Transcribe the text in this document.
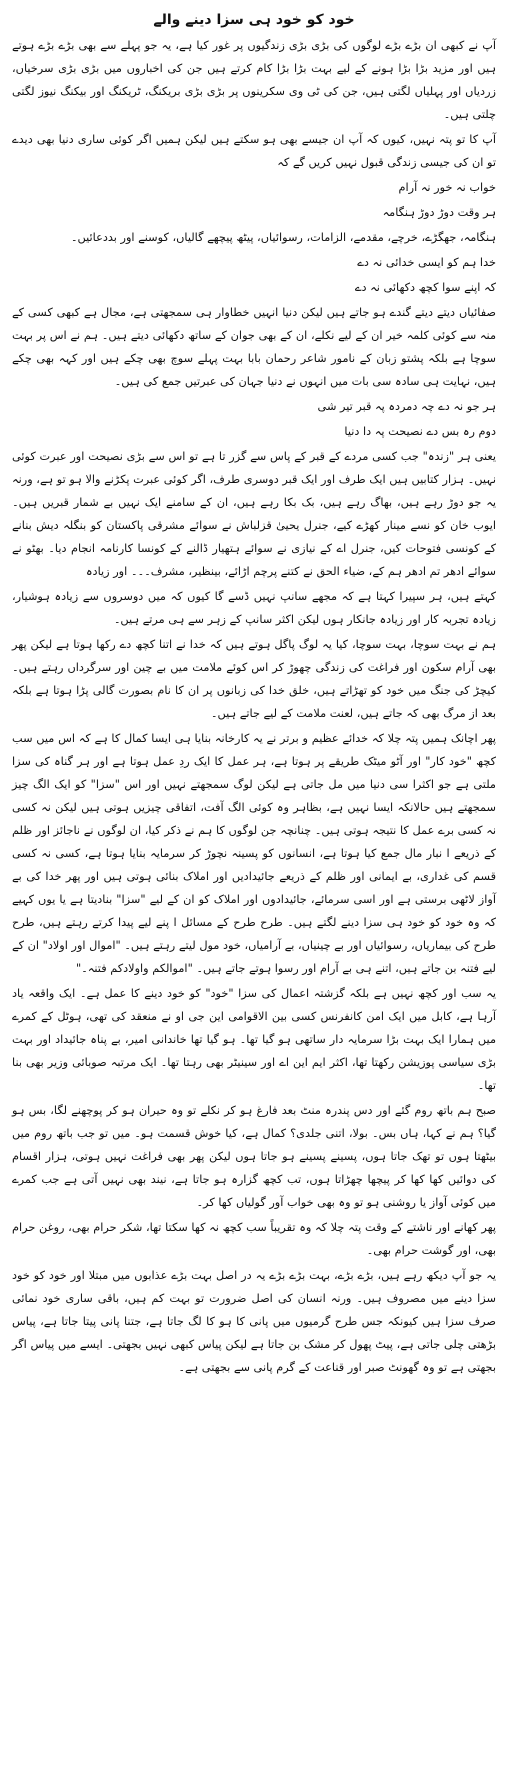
خود کو خود ہی سزا دینے والے

آپ نے کبھی ان بڑے بڑے لوگوں کی بڑی بڑی زندگیوں پر غور کیا ہے، یہ جو پہلے سے بھی بڑے بڑے ہوتے ہیں اور مزید بڑا بڑا ہونے کے لیے بہت بڑا بڑا کام کرتے ہیں جن کی اخباروں میں بڑی بڑی سرخیاں، زردیاں اور پہلیاں لگتی ہیں، جن کی ٹی وی سکرینوں پر بڑی بڑی بریکنگ، ٹریکنگ اور بیکنگ نیوز لگتی چلتی ہیں۔

آپ کا تو پتہ نہیں، کیوں کہ آپ ان جیسے بھی ہو سکتے ہیں لیکن ہمیں اگر کوئی ساری دنیا بھی دیدے تو ان کی جیسی زندگی قبول نہیں کریں گے کہ

خواب نہ خور نہ آرام
ہر وقت دوڑ دوڑ ہنگامہ

ہنگامہ، جھگڑے، خرچے، مقدمے، الزامات، رسوائیاں، پیٹھ پیچھے گالیاں، کوسنے اور بددعائیں۔

خدا ہم کو ایسی خدائی نہ دے
کہ اپنے سوا کچھ دکھائی نہ دے

صفائیاں دیتے دیتے گندے ہو جاتے ہیں لیکن دنیا انہیں خطاوار ہی سمجھتی ہے، مجال ہے کبھی کسی کے منہ سے کوئی کلمہ خیر ان کے لیے نکلے، ان کے بھی جوان کے ساتھ دکھائی دیتے ہیں۔ ہم نے اس پر بہت سوچا ہے بلکہ پشتو زبان کے نامور شاعر رحمان بابا بہت پہلے سوچ بھی چکے ہیں اور کہہ بھی چکے ہیں، نہایت ہی سادہ سی بات میں انہوں نے دنیا جہان کی عبرتیں جمع کی ہیں۔

ہر جو نہ دے چہ دمردہ پہ قبر تیر شی
دوم رہ بس دے نصیحت پہ دا دنیا

یعنی ہر "زندہ" جب کسی مردے کے قبر کے پاس سے گزر تا ہے تو اس سے بڑی نصیحت اور عبرت کوئی نہیں۔ ہزار کتابیں ہیں ایک طرف اور ایک قبر دوسری طرف، اگر کوئی عبرت پکڑنے والا ہو تو ہے، ورنہ یہ جو دوڑ رہے ہیں، بھاگ رہے ہیں، بک بکا رہے ہیں، ان کے سامنے ایک نہیں بے شمار قبریں ہیں۔ ایوب خان کو نسے مینار کھڑے کیے، جنرل یحییٰ قزلباش نے سوائے مشرقی پاکستان کو بنگلہ دیش بنانے کے کونسی فتوحات کیں، جنرل اے کے نیازی نے سوائے ہتھیار ڈالنے کے کونسا کارنامہ انجام دیا۔ بھٹو نے سوائے ادھر تم ادھر ہم کے، ضیاء الحق نے کتنے پرچم اڑائے، بینظیر، مشرف۔۔۔ اور زیادہ

کہتے ہیں، ہر سپیرا کہتا ہے کہ مجھے سانپ نہیں ڈسے گا کیوں کہ میں دوسروں سے زیادہ ہوشیار، زیادہ تجربہ کار اور زیادہ جانکار ہوں لیکن اکثر سانپ کے زہر سے ہی مرتے ہیں۔

ہم نے بہت سوچا، بہت سوچا، کیا یہ لوگ پاگل ہوتے ہیں کہ خدا نے اتنا کچھ دے رکھا ہوتا ہے لیکن پھر بھی آرام سکون اور فراغت کی زندگی چھوڑ کر اس کوئے ملامت میں بے چین اور سرگرداں رہتے ہیں۔ کیچڑ کی جنگ میں خود کو تھڑاتے ہیں، خلق خدا کی زبانوں پر ان کا نام بصورت گالی پڑا ہوتا ہے بلکہ بعد از مرگ بھی کہ جاتے ہیں، لعنت ملامت کے لیے جاتے ہیں۔

پھر اچانک ہمیں پتہ چلا کہ خدائے عظیم و برتر نے یہ کارخانہ بنایا ہی ایسا کمال کا ہے کہ اس میں سب کچھ "خود کار" اور آٹو میٹک طریقے پر ہوتا ہے، ہر عمل کا ایک ردِ عمل ہوتا ہے اور ہر گناہ کی سزا ملتی ہے جو اکثرا سی دنیا میں مل جاتی ہے لیکن لوگ سمجھتے نہیں اور اس "سزا" کو ایک الگ چیز سمجھتے ہیں حالانکہ ایسا نہیں ہے، بظاہر وہ کوئی الگ آفت، اتفاقی چیزیں ہوتی ہیں لیکن نہ کسی نہ کسی برے عمل کا نتیجہ ہوتی ہیں۔ چنانچہ جن لوگوں کا ہم نے ذکر کیا، ان لوگوں نے ناجائز اور ظلم کے ذریعے ا نبار مال جمع کیا ہوتا ہے، انسانوں کو پسینہ نچوڑ کر سرمایہ بنایا ہوتا ہے، کسی نہ کسی قسم کی غداری، بے ایمانی اور ظلم کے ذریعے جائیدادیں اور املاک بنائی ہوتی ہیں اور پھر خدا کی بے آواز لاٹھی برستی ہے اور اسی سرمائے، جائیدادوں اور املاک کو ان کے لیے "سزا" بنادیتا ہے یا یوں کہیے کہ وہ خود کو خود ہی سزا دینے لگتے ہیں۔ طرح طرح کے مسائل ا پنے لیے پیدا کرتے رہتے ہیں، طرح طرح کی بیماریاں، رسوائیاں اور بے چینیاں، بے آرامیاں، خود مول لیتے رہتے ہیں۔ "اموال اور اولاد" ان کے لیے فتنہ بن جاتے ہیں، اتنے ہی بے آرام اور رسوا ہوتے جاتے ہیں۔ "اموالکم واولادکم فتنہ۔"

یہ سب اور کچھ نہیں ہے بلکہ گزشتہ اعمال کی سزا "خود" کو خود دینے کا عمل ہے۔ ایک واقعہ یاد آرہا ہے، کابل میں ایک امن کانفرنس کسی بین الاقوامی این جی او نے منعقد کی تھی، ہوٹل کے کمرے میں ہمارا ایک بہت بڑا سرمایہ دار ساتھی ہو گیا تھا۔ ہو گیا تھا خاندانی امیر، بے پناہ جائیداد اور بہت بڑی سیاسی پوزیشن رکھتا تھا، اکثر ایم این اے اور سینیٹر بھی رہتا تھا۔ ایک مرتبہ صوبائی وزیر بھی بنا تھا۔

صبح ہم باتھ روم گئے اور دس پندرہ منٹ بعد فارغ ہو کر نکلے تو وہ حیران ہو کر پوچھنے لگا، بس ہو گیا؟ ہم نے کہا، ہاں بس۔ بولا، اتنی جلدی؟ کمال ہے، کیا خوش قسمت ہو۔ میں تو جب باتھ روم میں بیٹھتا ہوں تو تھک جاتا ہوں، پسینے پسینے ہو جاتا ہوں لیکن پھر بھی فراغت نہیں ہوتی، ہزار اقسام کی دوائیں کھا کھا کر پیچھا چھڑاتا ہوں، تب کچھ گزارہ ہو جاتا ہے، نیند بھی نہیں آتی ہے جب کمرے میں کوئی آواز یا روشنی ہو تو وہ بھی خواب آور گولیاں کھا کر۔

پھر کھانے اور ناشتے کے وقت پتہ چلا کہ وہ تقریباً سب کچھ نہ کھا سکتا تھا، شکر حرام بھی، روغن حرام بھی، اور گوشت حرام بھی۔

یہ جو آپ دیکھ رہے ہیں، بڑے بڑے، بہت بڑے بڑے یہ در اصل بہت بڑے عذابوں میں مبتلا اور خود کو خود سزا دینے میں مصروف ہیں۔ ورنہ انسان کی اصل ضرورت تو بہت کم ہیں، باقی ساری خود نمائی صرف سزا ہیں کیونکہ جس طرح گرمیوں میں پانی کا ہو کا لگ جاتا ہے، جتنا پانی پیتا جاتا ہے، پیاس بڑھتی چلی جاتی ہے، پیٹ پھول کر مشک بن جاتا ہے لیکن پیاس کبھی نہیں بجھتی۔ ایسے میں پیاس اگر بجھتی ہے تو وہ گھونٹ صبر اور قناعت کے گرم پانی سے بجھتی ہے۔
